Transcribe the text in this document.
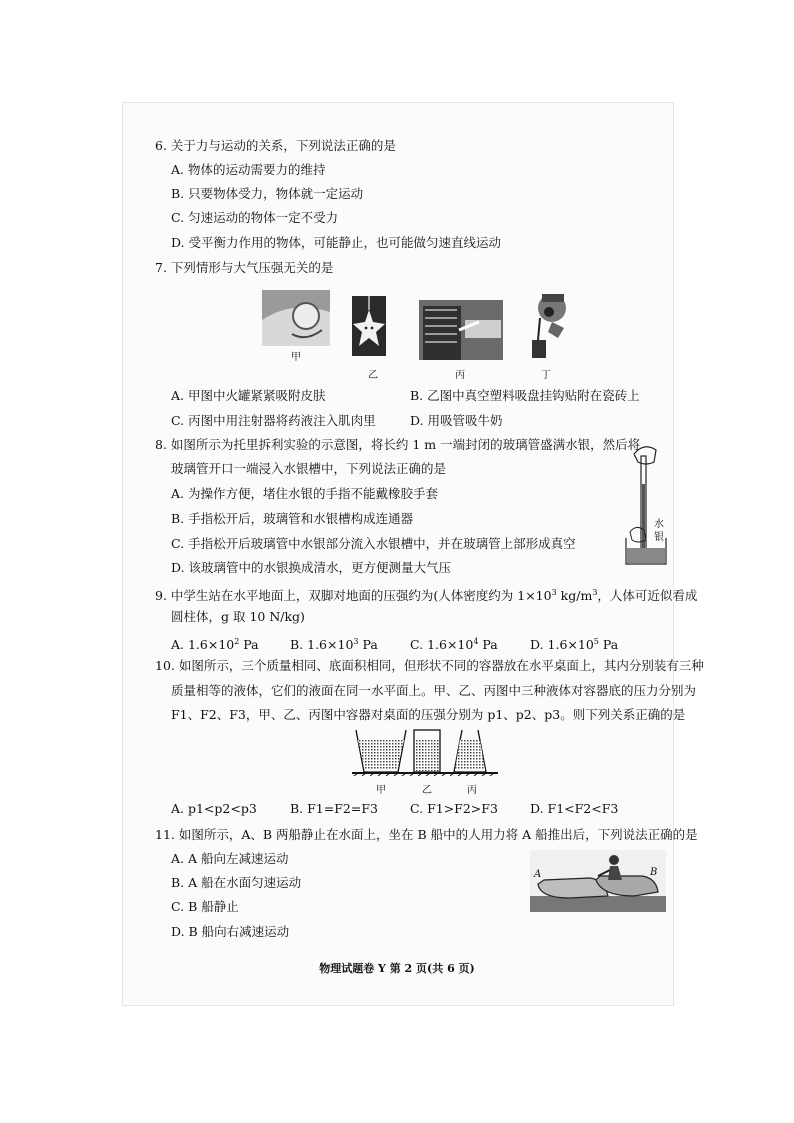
6. 关于力与运动的关系，下列说法正确的是
A. 物体的运动需要力的维持
B. 只要物体受力，物体就一定运动
C. 匀速运动的物体一定不受力
D. 受平衡力作用的物体，可能静止，也可能做匀速直线运动
7. 下列情形与大气压强无关的是
甲
乙	丙	丁
A. 甲图中火罐紧紧吸附皮肤	B. 乙图中真空塑料吸盘挂钩贴附在瓷砖上
C. 丙图中用注射器将药液注入肌肉里	D. 用吸管吸牛奶
8. 如图所示为托里拆利实验的示意图，将长约 1 m 一端封闭的玻璃管盛满水银，然后将
玻璃管开口一端浸入水银槽中，下列说法正确的是
A. 为操作方便，堵住水银的手指不能戴橡胶手套
B. 手指松开后，玻璃管和水银槽构成连通器
C. 手指松开后玻璃管中水银部分流入水银槽中，并在玻璃管上部形成真空
D. 该玻璃管中的水银换成清水，更方便测量大气压
水
银
9. 中学生站在水平地面上，双脚对地面的压强约为(人体密度约为 $1\times 10^3$ $kg/m^3$，人体可近似看成
圆柱体，g 取 10 N/kg)
A. $1.6\times 10^2$ Pa	B. $1.6\times 10^3$ Pa	C. $1.6\times 10^4$ Pa	D. $1.6\times 10^5$ Pa
10. 如图所示，三个质量相同、底面积相同，但形状不同的容器放在水平桌面上，其内分别装有三种
质量相等的液体，它们的液面在同一水平面上。甲、乙、丙图中三种液体对容器底的压力分别为
F1、F2、F3，甲、乙、丙图中容器对桌面的压强分别为 p1、p2、p3。则下列关系正确的是
甲	乙	丙
A. p1<p2<p3	B. F1=F2=F3	C. F1>F2>F3	D. F1<F2<F3
11. 如图所示，A、B 两船静止在水面上，坐在 B 船中的人用力将 A 船推出后，下列说法正确的是
A. A 船向左减速运动
B. A 船在水面匀速运动
C. B 船静止
D. B 船向右减速运动
A	B
物理试题卷 Y 第 2 页(共 6 页)
